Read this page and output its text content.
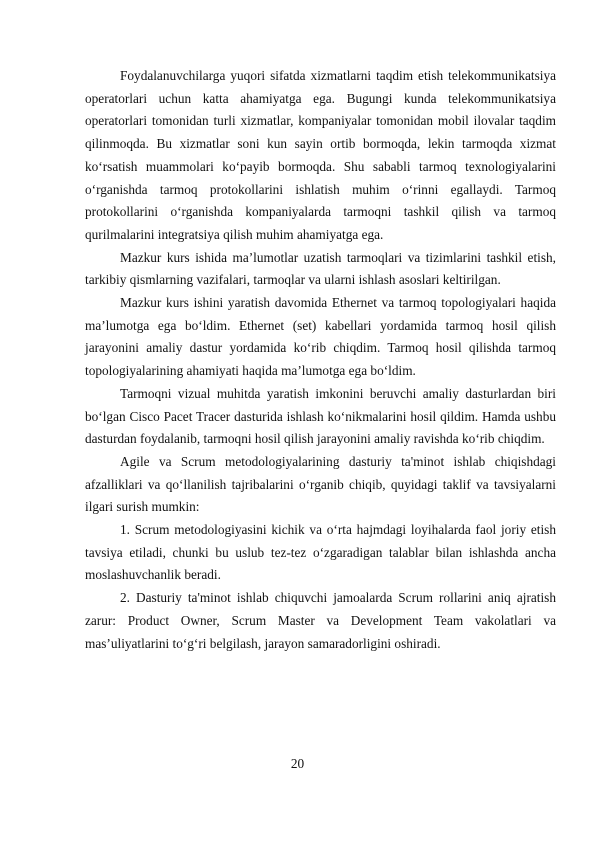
Foydalanuvchilarga yuqori sifatda xizmatlarni taqdim etish telekommunikatsiya operatorlari uchun katta ahamiyatga ega. Bugungi kunda telekommunikatsiya operatorlari tomonidan turli xizmatlar, kompaniyalar tomonidan mobil ilovalar taqdim qilinmoqda. Bu xizmatlar soni kun sayin ortib bormoqda, lekin tarmoqda xizmat ko‘rsatish muammolari ko‘payib bormoqda. Shu sababli tarmoq texnologiyalarini o‘rganishda tarmoq protokollarini ishlatish muhim o‘rinni egallaydi. Tarmoq protokollarini o‘rganishda kompaniyalarda tarmoqni tashkil qilish va tarmoq qurilmalarini integratsiya qilish muhim ahamiyatga ega.

Mazkur kurs ishida ma’lumotlar uzatish tarmoqlari va tizimlarini tashkil etish, tarkibiy qismlarning vazifalari, tarmoqlar va ularni ishlash asoslari keltirilgan.

Mazkur kurs ishini yaratish davomida Ethernet va tarmoq topologiyalari haqida ma’lumotga ega bo‘ldim. Ethernet (set) kabellari yordamida tarmoq hosil qilish jarayonini amaliy dastur yordamida ko‘rib chiqdim. Tarmoq hosil qilishda tarmoq topologiyalarining ahamiyati haqida ma’lumotga ega bo‘ldim.

Tarmoqni vizual muhitda yaratish imkonini beruvchi amaliy dasturlardan biri bo‘lgan Cisco Pacet Tracer dasturida ishlash ko‘nikmalarini hosil qildim. Hamda ushbu dasturdan foydalanib, tarmoqni hosil qilish jarayonini amaliy ravishda ko‘rib chiqdim.

Agile va Scrum metodologiyalarining dasturiy ta'minot ishlab chiqishdagi afzalliklari va qo‘llanilish tajribalarini o‘rganib chiqib, quyidagi taklif va tavsiyalarni ilgari surish mumkin:

1. Scrum metodologiyasini kichik va o‘rta hajmdagi loyihalarda faol joriy etish tavsiya etiladi, chunki bu uslub tez-tez o‘zgaradigan talablar bilan ishlashda ancha moslashuvchanlik beradi.

2. Dasturiy ta'minot ishlab chiquvchi jamoalarda Scrum rollarini aniq ajratish zarur: Product Owner, Scrum Master va Development Team vakolatlari va mas’uliyatlarini to‘g‘ri belgilash, jarayon samaradorligini oshiradi.

20
